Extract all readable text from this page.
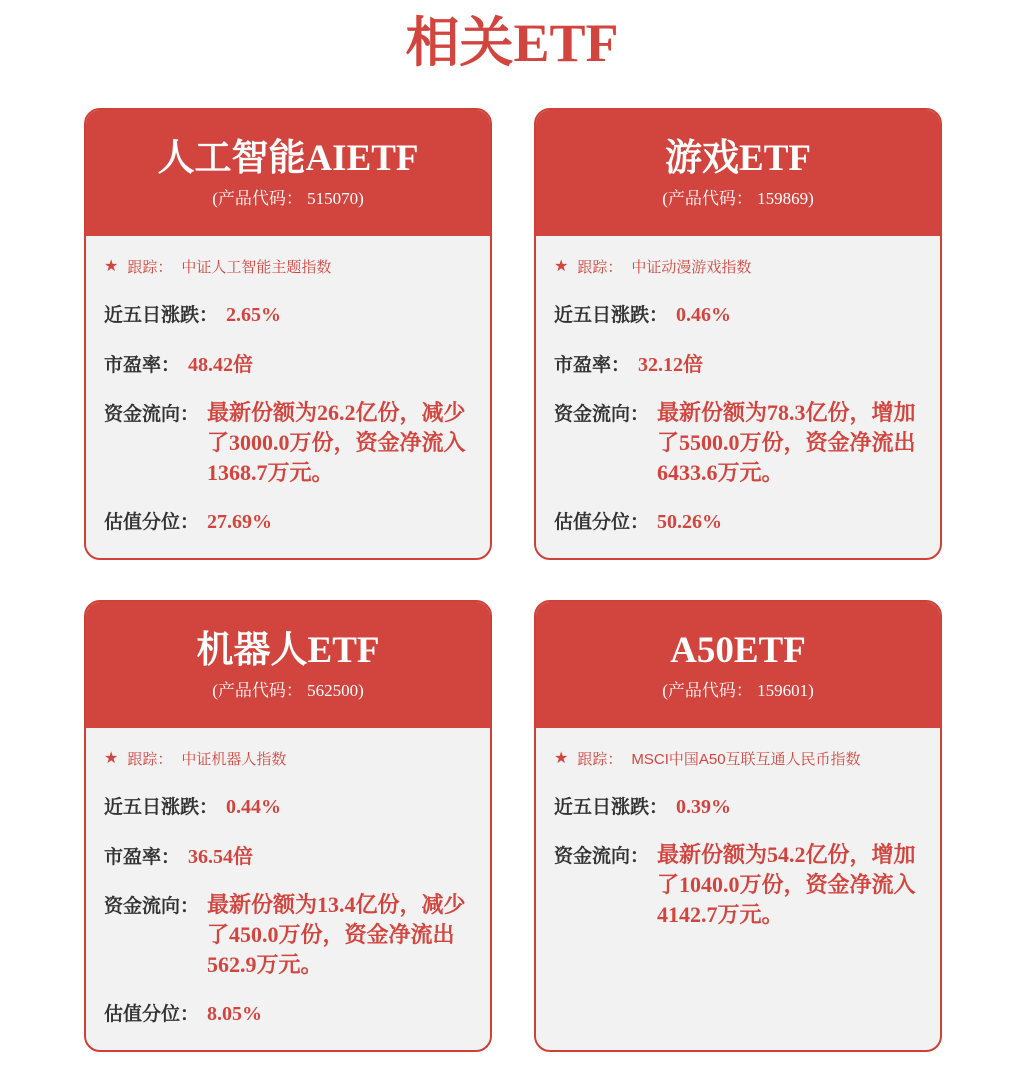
相关ETF
人工智能AIETF
(产品代码： 515070)
★ 跟踪： 中证人工智能主题指数
近五日涨跌： 2.65%
市盈率： 48.42倍
资金流向： 最新份额为26.2亿份，减少了3000.0万份，资金净流入1368.7万元。
估值分位： 27.69%
游戏ETF
(产品代码： 159869)
★ 跟踪： 中证动漫游戏指数
近五日涨跌： 0.46%
市盈率： 32.12倍
资金流向： 最新份额为78.3亿份，增加了5500.0万份，资金净流出6433.6万元。
估值分位： 50.26%
机器人ETF
(产品代码： 562500)
★ 跟踪： 中证机器人指数
近五日涨跌： 0.44%
市盈率： 36.54倍
资金流向： 最新份额为13.4亿份，减少了450.0万份，资金净流出562.9万元。
估值分位： 8.05%
A50ETF
(产品代码： 159601)
★ 跟踪： MSCI中国A50互联互通人民币指数
近五日涨跌： 0.39%
资金流向： 最新份额为54.2亿份，增加了1040.0万份，资金净流入4142.7万元。
